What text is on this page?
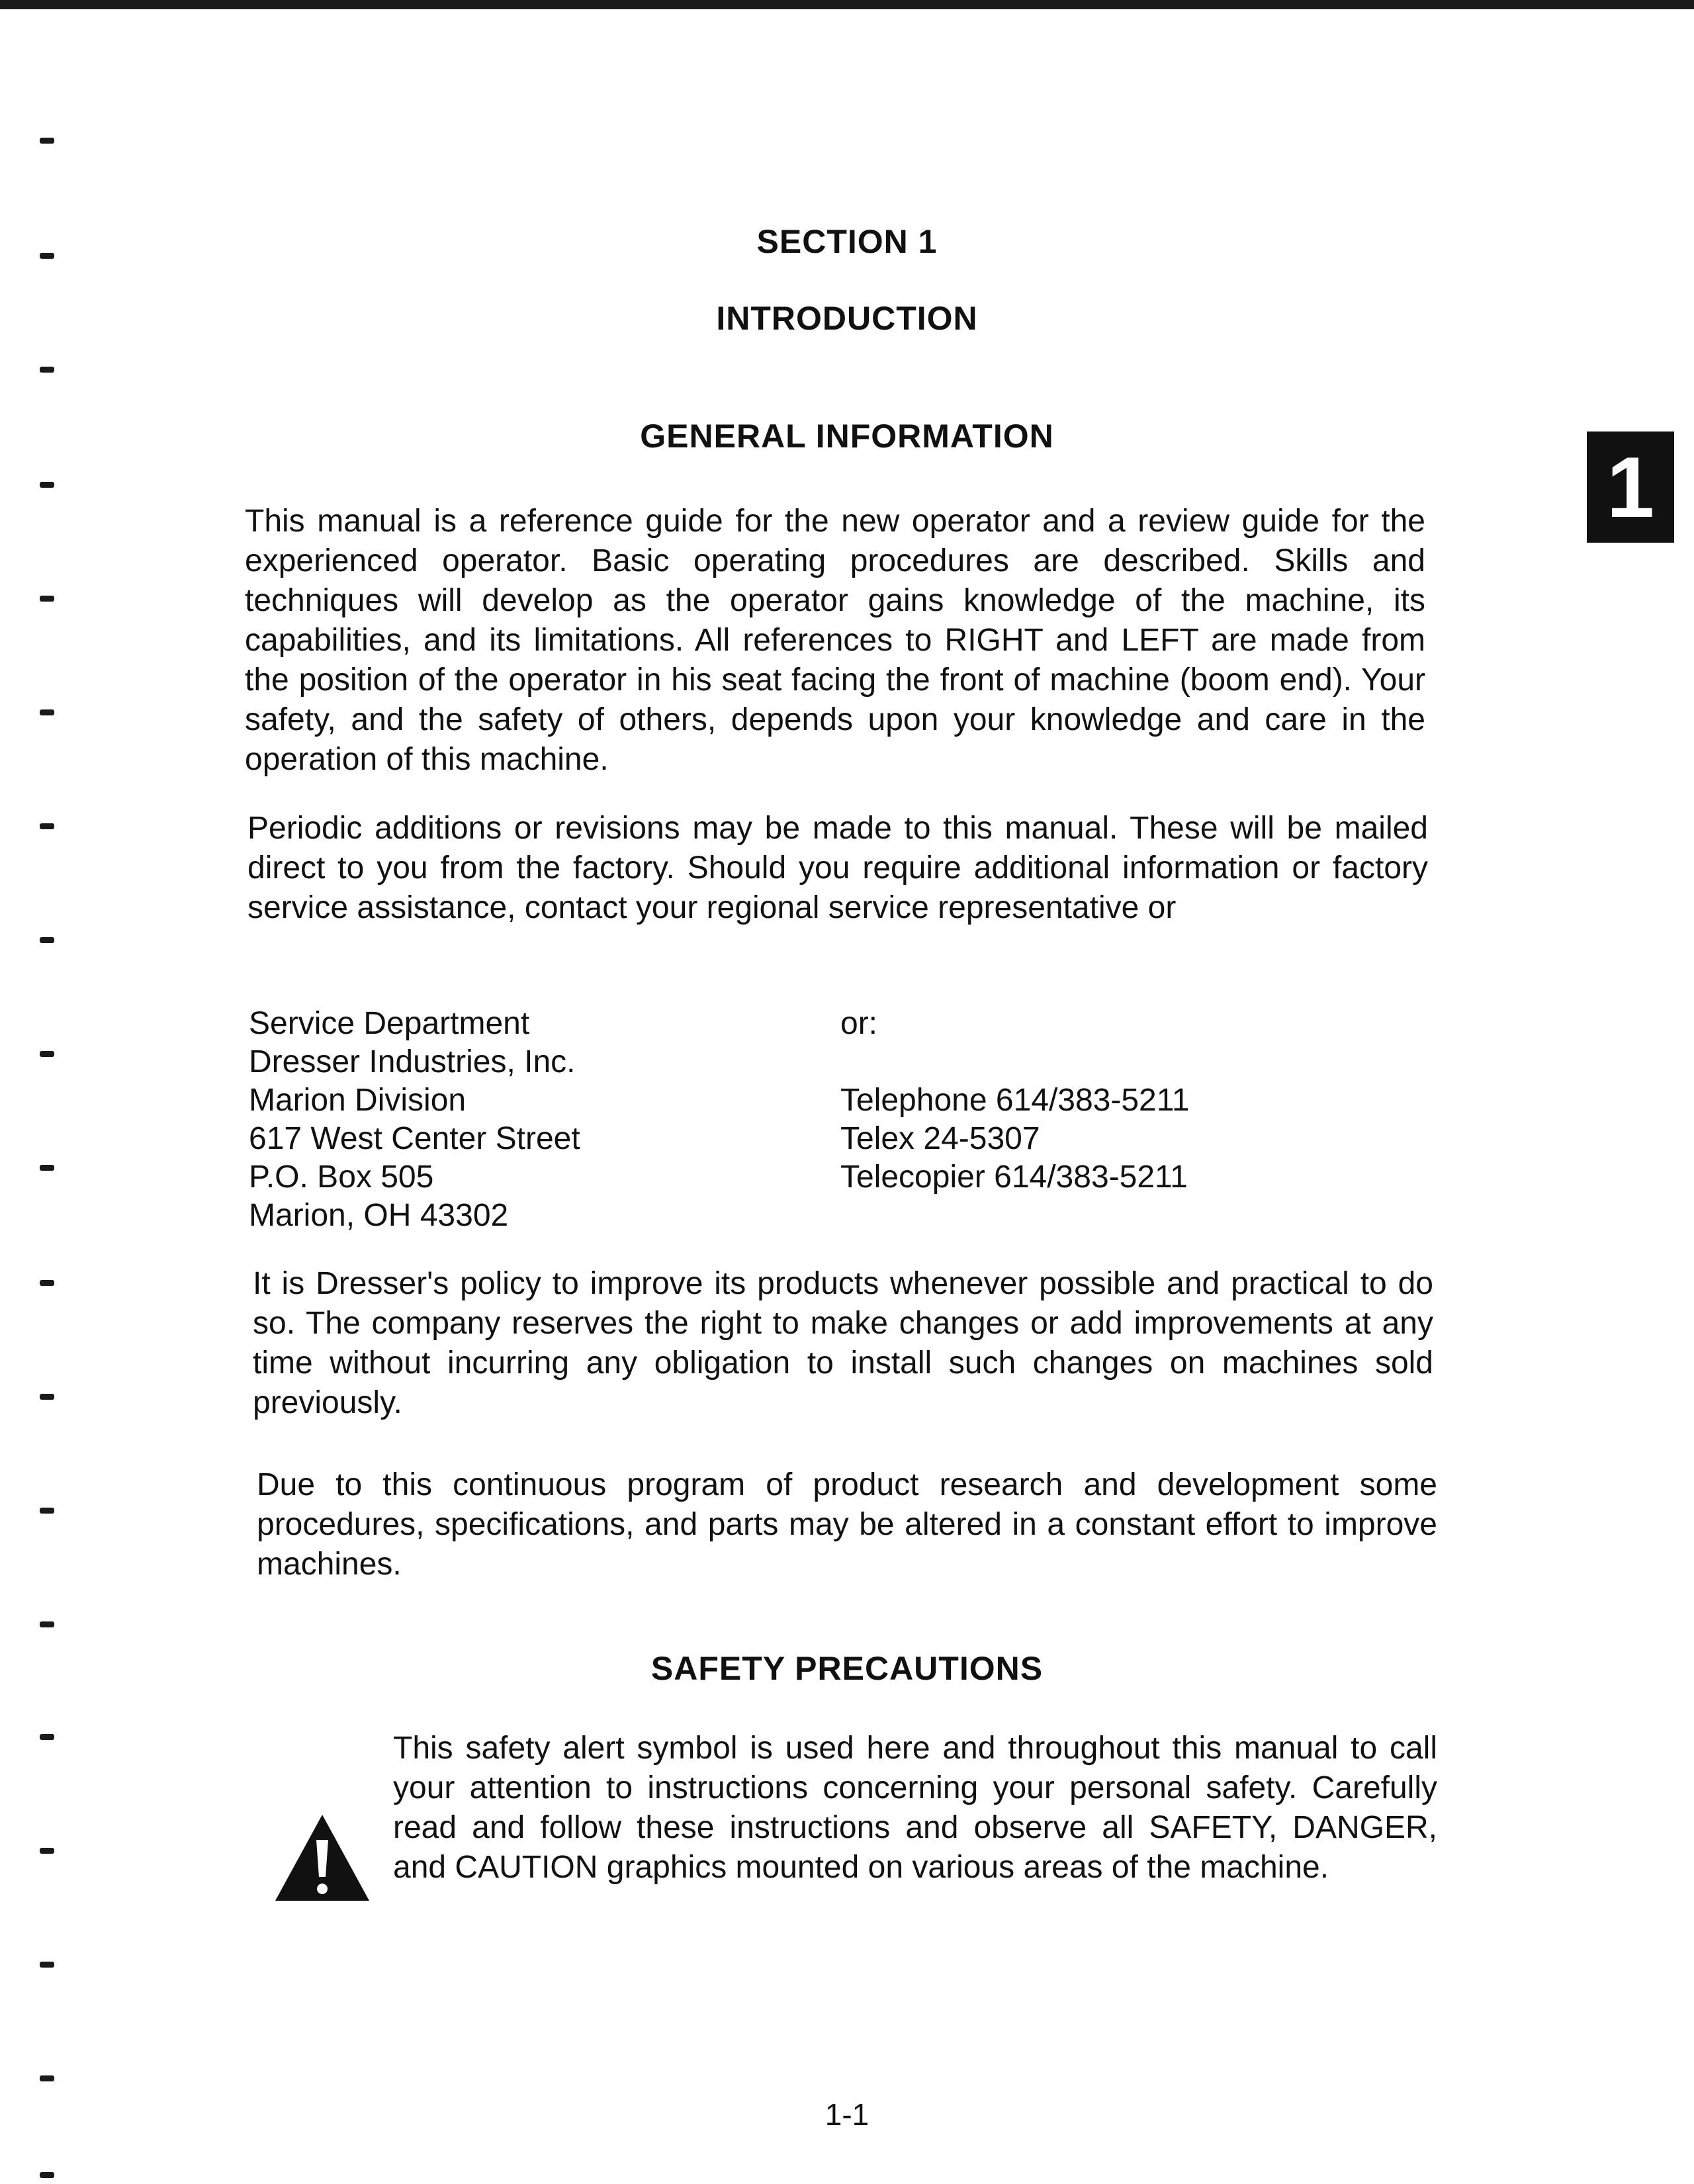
SECTION 1
INTRODUCTION
1
GENERAL INFORMATION

This manual is a reference guide for the new operator and a review guide for the experienced operator. Basic operating procedures are described. Skills and techniques will develop as the operator gains knowledge of the machine, its capabilities, and its limitations. All references to RIGHT and LEFT are made from the position of the operator in his seat facing the front of machine (boom end). Your safety, and the safety of others, depends upon your knowledge and care in the operation of this machine.

Periodic additions or revisions may be made to this manual. These will be mailed direct to you from the factory. Should you require additional information or factory service assistance, contact your regional service representative or

Service Department
Dresser Industries, Inc.
Marion Division
617 West Center Street
P.O. Box 505
Marion, OH 43302
or:
Telephone 614/383-5211
Telex 24-5307
Telecopier 614/383-5211

It is Dresser's policy to improve its products whenever possible and practical to do so. The company reserves the right to make changes or add improvements at any time without incurring any obligation to install such changes on machines sold previously.

Due to this continuous program of product research and development some procedures, specifications, and parts may be altered in a constant effort to improve machines.

SAFETY PRECAUTIONS

This safety alert symbol is used here and throughout this manual to call your attention to instructions concerning your personal safety. Carefully read and follow these instructions and observe all SAFETY, DANGER, and CAUTION graphics mounted on various areas of the machine.

1-1
